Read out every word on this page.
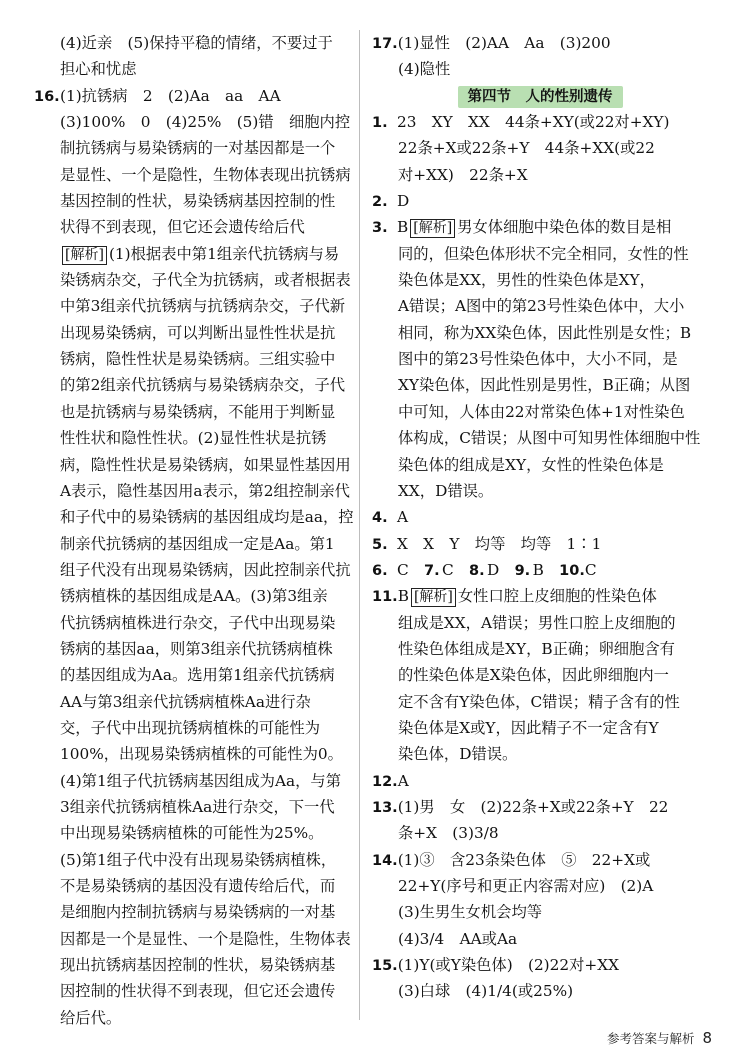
(4)近亲　(5)保持平稳的情绪，不要过于
担心和忧虑
16.(1)抗锈病　2　(2)Aa　aa　AA
(3)100%　0　(4)25%　(5)错　细胞内控
制抗锈病与易染锈病的一对基因都是一个
是显性、一个是隐性，生物体表现出抗锈病
基因控制的性状，易染锈病基因控制的性
状得不到表现，但它还会遗传给后代
[解析] (1)根据表中第1组亲代抗锈病与易
染锈病杂交，子代全为抗锈病，或者根据表
中第3组亲代抗锈病与抗锈病杂交，子代新
出现易染锈病，可以判断出显性性状是抗
锈病，隐性性状是易染锈病。三组实验中
的第2组亲代抗锈病与易染锈病杂交，子代
也是抗锈病与易染锈病，不能用于判断显
性性状和隐性性状。(2)显性性状是抗锈
病，隐性性状是易染锈病，如果显性基因用
A表示，隐性基因用a表示，第2组控制亲代
和子代中的易染锈病的基因组成均是aa，控
制亲代抗锈病的基因组成一定是Aa。第1
组子代没有出现易染锈病，因此控制亲代抗
锈病植株的基因组成是AA。(3)第3组亲
代抗锈病植株进行杂交，子代中出现易染
锈病的基因aa，则第3组亲代抗锈病植株
的基因组成为Aa。选用第1组亲代抗锈病
AA与第3组亲代抗锈病植株Aa进行杂
交，子代中出现抗锈病植株的可能性为
100%，出现易染锈病植株的可能性为0。
(4)第1组子代抗锈病基因组成为Aa，与第
3组亲代抗锈病植株Aa进行杂交，下一代
中出现易染锈病植株的可能性为25%。
(5)第1组子代中没有出现易染锈病植株，
不是易染锈病的基因没有遗传给后代，而
是细胞内控制抗锈病与易染锈病的一对基
因都是一个是显性、一个是隐性，生物体表
现出抗锈病基因控制的性状，易染锈病基
因控制的性状得不到表现，但它还会遗传
给后代。
17.(1)显性　(2)AA　Aa　(3)200
(4)隐性
第四节　人的性别遗传
1. 23　XY　XX　44条+XY(或22对+XY)
22条+X或22条+Y　44条+XX(或22
对+XX)　22条+X
2. D
3. B [解析] 男女体细胞中染色体的数目是相
同的，但染色体形状不完全相同，女性的性
染色体是XX，男性的性染色体是XY，
A错误；A图中的第23号性染色体中，大小
相同，称为XX染色体，因此性别是女性；B
图中的第23号性染色体中，大小不同，是
XY染色体，因此性别是男性，B正确；从图
中可知，人体由22对常染色体+1对性染色
体构成，C错误；从图中可知男性体细胞中性
染色体的组成是XY，女性的性染色体是
XX，D错误。
4. A
5. X　X　Y　均等　均等　1∶1
6. C　7. C　8. D　9. B　10.C
11.B [解析] 女性口腔上皮细胞的性染色体
组成是XX，A错误；男性口腔上皮细胞的
性染色体组成是XY，B正确；卵细胞含有
的性染色体是X染色体，因此卵细胞内一
定不含有Y染色体，C错误；精子含有的性
染色体是X或Y，因此精子不一定含有Y
染色体，D错误。
12.A
13.(1)男　女　(2)22条+X或22条+Y　22
条+X　(3)3/8
14.(1)③　含23条染色体　⑤　22+X或
22+Y(序号和更正内容需对应)　(2)A
(3)生男生女机会均等
(4)3/4　AA或Aa
15.(1)Y(或Y染色体)　(2)22对+XX
(3)白球　(4)1/4(或25%)
参考答案与解析 8
